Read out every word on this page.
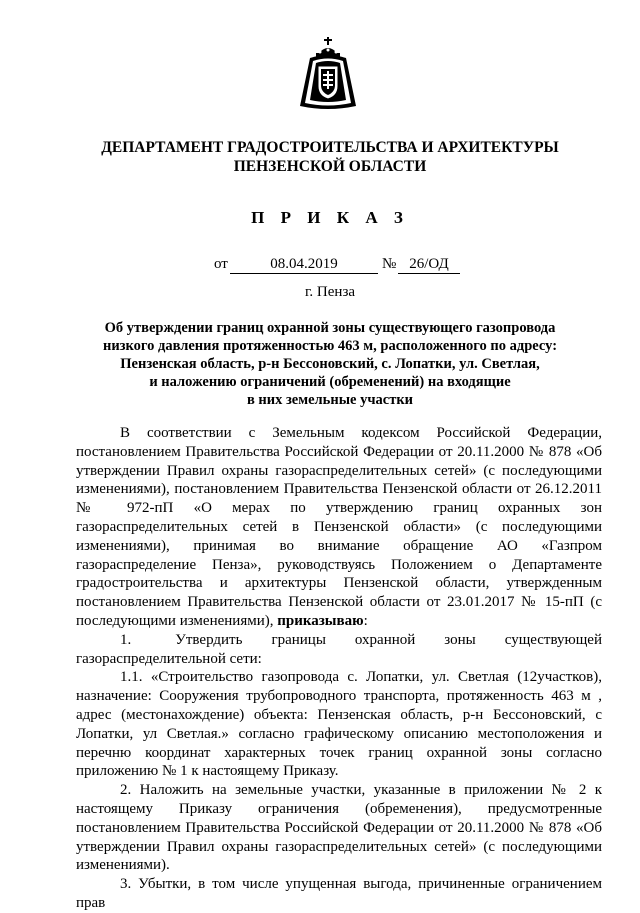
ДЕПАРТАМЕНТ ГРАДОСТРОИТЕЛЬСТВА И АРХИТЕКТУРЫ
ПЕНЗЕНСКОЙ ОБЛАСТИ
П Р И К А З
от	08.04.2019	№ 26/ОД
г. Пенза
Об утверждении границ охранной зоны существующего газопровода
низкого давления протяженностью 463 м, расположенного по адресу:
Пензенская область, р-н Бессоновский, с. Лопатки, ул. Светлая,
и наложению ограничений (обременений) на входящие
в них земельные участки

В соответствии с Земельным кодексом Российской Федерации, постановлением Правительства Российской Федерации от 20.11.2000 № 878 «Об утверждении Правил охраны газораспределительных сетей» (с последующими изменениями), постановлением Правительства Пензенской области от 26.12.2011 № 972-пП «О мерах по утверждению границ охранных зон газораспределительных сетей в Пензенской области» (с последующими изменениями), принимая во внимание обращение АО «Газпром газораспределение Пенза», руководствуясь Положением о Департаменте градостроительства и архитектуры Пензенской области, утвержденным постановлением Правительства Пензенской области от 23.01.2017 № 15-пП (с последующими изменениями), приказываю:

1.	Утвердить границы охранной зоны существующей газораспределительной сети:

1.1. «Строительство газопровода с. Лопатки, ул. Светлая (12участков), назначение: Сооружения трубопроводного транспорта, протяженность 463 м , адрес (местонахождение) объекта: Пензенская область, р-н Бессоновский, с Лопатки, ул Светлая.» согласно графическому описанию местоположения и перечню координат характерных точек границ охранной зоны согласно приложению № 1 к настоящему Приказу.

2. Наложить на земельные участки, указанные в приложении № 2 к настоящему Приказу ограничения (обременения), предусмотренные постановлением Правительства Российской Федерации от 20.11.2000 № 878 «Об утверждении Правил охраны газораспределительных сетей» (с последующими изменениями).

3. Убытки, в том числе упущенная выгода, причиненные ограничением прав
